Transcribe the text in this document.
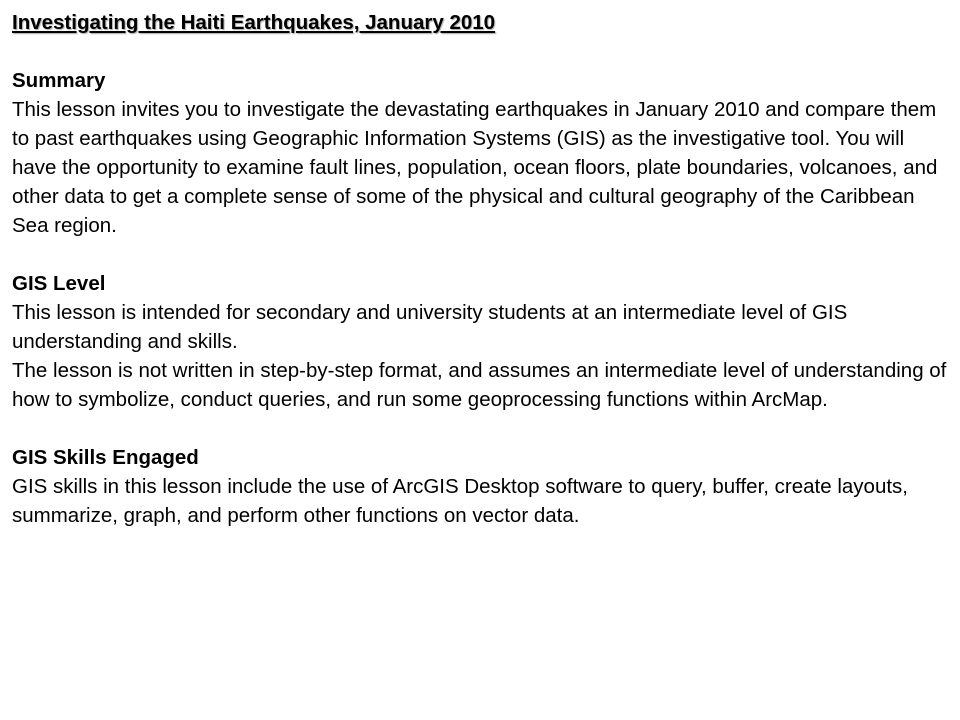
Investigating the Haiti Earthquakes, January 2010
Summary

This lesson invites you to investigate the devastating earthquakes in January 2010 and compare them to past earthquakes using Geographic Information Systems (GIS) as the investigative tool. You will have the opportunity to examine fault lines, population, ocean floors, plate boundaries, volcanoes, and other data to get a complete sense of some of the physical and cultural geography of the Caribbean Sea region.

GIS Level

This lesson is intended for secondary and university students at an intermediate level of GIS understanding and skills.

The lesson is not written in step-by-step format, and assumes an intermediate level of understanding of how to symbolize, conduct queries, and run some geoprocessing functions within ArcMap.

GIS Skills Engaged

GIS skills in this lesson include the use of ArcGIS Desktop software to query, buffer, create layouts, summarize, graph, and perform other functions on vector data.
